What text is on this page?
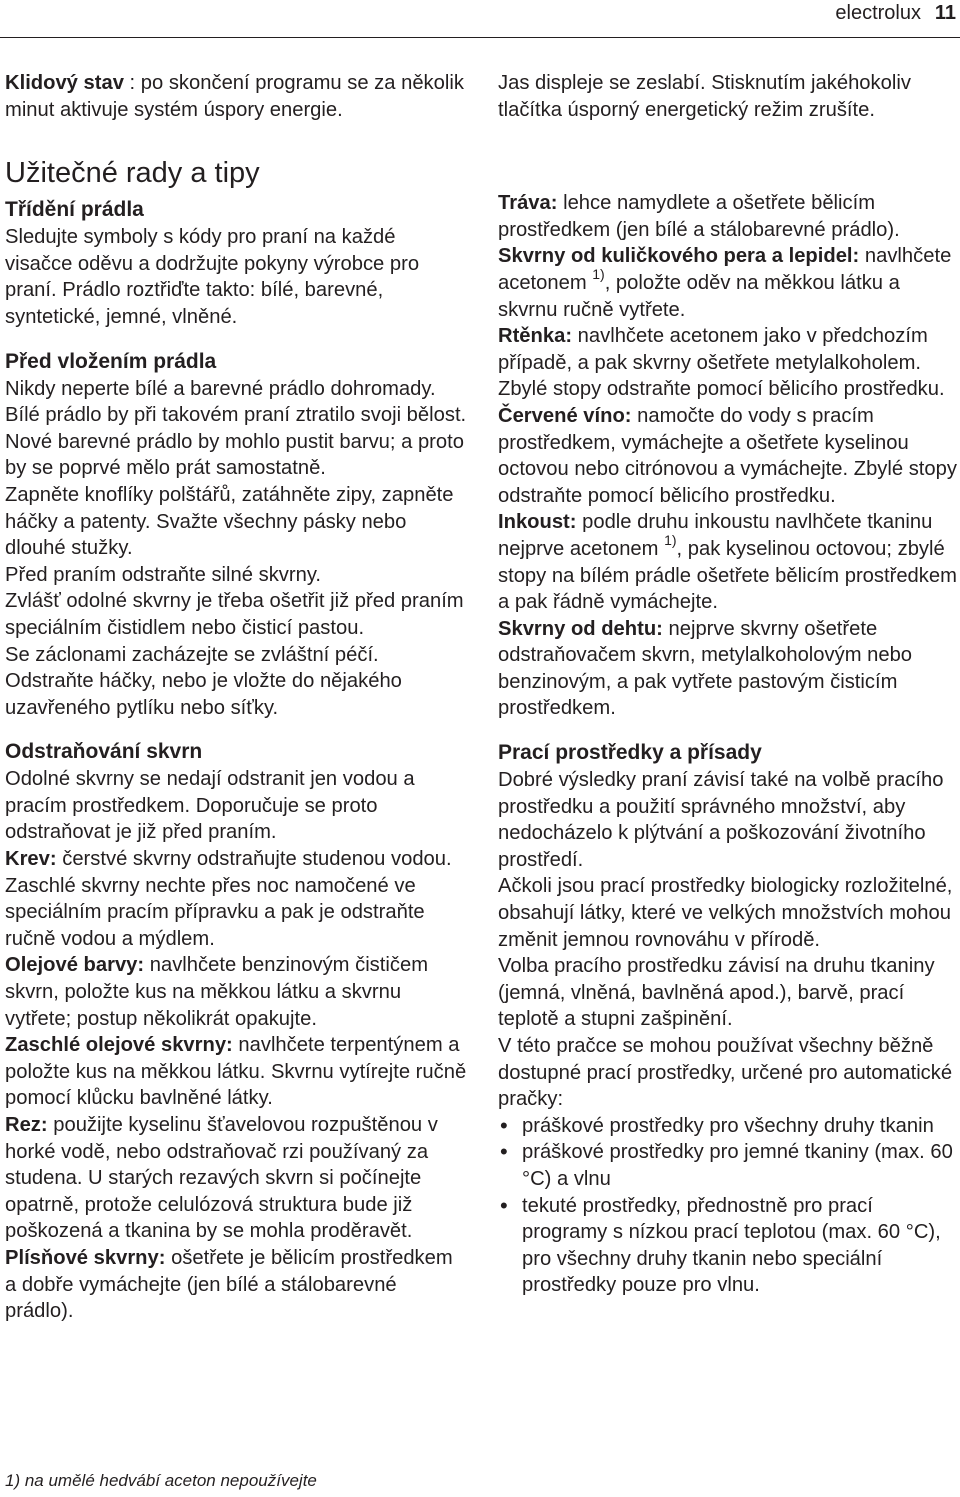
electrolux 11

Klidový stav : po skončení programu se za několik minut aktivuje systém úspory energie.

Užitečné rady a tipy
Třídění prádla

Sledujte symboly s kódy pro praní na každé visačce oděvu a dodržujte pokyny výrobce pro praní. Prádlo roztřiďte takto: bílé, barevné, syntetické, jemné, vlněné.

Před vložením prádla

Nikdy neperte bílé a barevné prádlo dohromady. Bílé prádlo by při takovém praní ztratilo svoji bělost.

Nové barevné prádlo by mohlo pustit barvu; a proto by se poprvé mělo prát samostatně.

Zapněte knoflíky polštářů, zatáhněte zipy, zapněte háčky a patenty. Svažte všechny pásky nebo dlouhé stužky.

Před praním odstraňte silné skvrny.

Zvlášť odolné skvrny je třeba ošetřit již před praním speciálním čistidlem nebo čisticí pastou.

Se záclonami zacházejte se zvláštní péčí. Odstraňte háčky, nebo je vložte do nějakého uzavřeného pytlíku nebo síťky.

Odstraňování skvrn

Odolné skvrny se nedají odstranit jen vodou a pracím prostředkem. Doporučuje se proto odstraňovat je již před praním.

Krev: čerstvé skvrny odstraňujte studenou vodou. Zaschlé skvrny nechte přes noc namočené ve speciálním pracím přípravku a pak je odstraňte ručně vodou a mýdlem.

Olejové barvy: navlhčete benzinovým čističem skvrn, položte kus na měkkou látku a skvrnu vytřete; postup několikrát opakujte.

Zaschlé olejové skvrny: navlhčete terpentýnem a položte kus na měkkou látku. Skvrnu vytírejte ručně pomocí klůcku bavlněné látky.

Rez: použijte kyselinu šťavelovou rozpuštěnou v horké vodě, nebo odstraňovač rzi používaný za studena. U starých rezavých skvrn si počínejte opatrně, protože celulózová struktura bude již poškozená a tkanina by se mohla proděravět.

Plísňové skvrny: ošetřete je bělicím prostředkem a dobře vymáchejte (jen bílé a stálobarevné prádlo).

Jas displeje se zeslabí. Stisknutím jakéhokoliv tlačítka úsporný energetický režim zrušíte.

Tráva: lehce namydlete a ošetřete bělicím prostředkem (jen bílé a stálobarevné prádlo).

Skvrny od kuličkového pera a lepidel: navlhčete acetonem $^{1)}$, položte oděv na měkkou látku a skvrnu ručně vytřete.

Rtěnka: navlhčete acetonem jako v předchozím případě, a pak skvrny ošetřete metylalkoholem. Zbylé stopy odstraňte pomocí bělicího prostředku.

Červené víno: namočte do vody s pracím prostředkem, vymáchejte a ošetřete kyselinou octovou nebo citrónovou a vymáchejte. Zbylé stopy odstraňte pomocí bělicího prostředku.

Inkoust: podle druhu inkoustu navlhčete tkaninu nejprve acetonem $^{1)}$, pak kyselinou octovou; zbylé stopy na bílém prádle ošetřete bělicím prostředkem a pak řádně vymáchejte.

Skvrny od dehtu: nejprve skvrny ošetřete odstraňovačem skvrn, metylalkoholovým nebo benzinovým, a pak vytřete pastovým čisticím prostředkem.

Prací prostředky a přísady

Dobré výsledky praní závisí také na volbě pracího prostředku a použití správného množství, aby nedocházelo k plýtvání a poškozování životního prostředí.

Ačkoli jsou prací prostředky biologicky rozložitelné, obsahují látky, které ve velkých množstvích mohou změnit jemnou rovnováhu v přírodě.

Volba pracího prostředku závisí na druhu tkaniny (jemná, vlněná, bavlněná apod.), barvě, prací teplotě a stupni zašpinění.

V této pračce se mohou používat všechny běžně dostupné prací prostředky, určené pro automatické pračky:

• práškové prostředky pro všechny druhy tkanin
• práškové prostředky pro jemné tkaniny (max. 60 °C) a vlnu
• tekuté prostředky, přednostně pro prací programy s nízkou prací teplotou (max. 60 °C), pro všechny druhy tkanin nebo speciální prostředky pouze pro vlnu.
1) na umělé hedvábí aceton nepoužívejte
